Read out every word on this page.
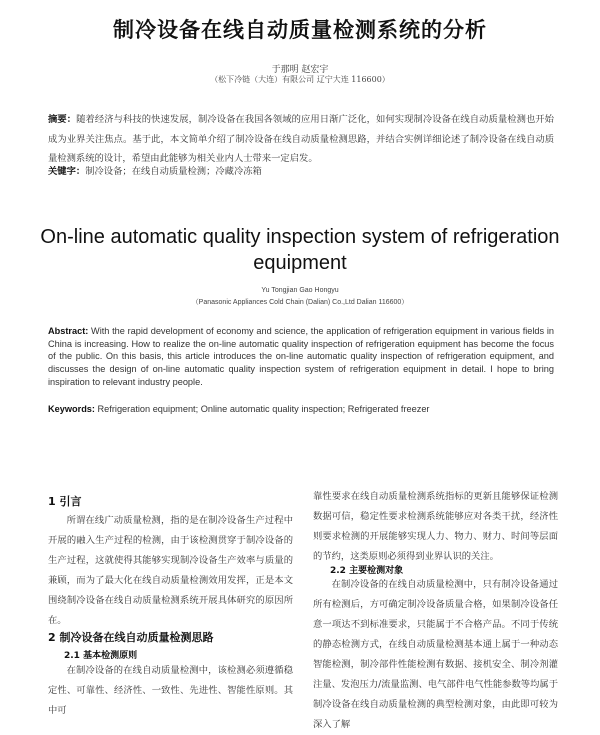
制冷设备在线自动质量检测系统的分析
于那明 赵宏宇
（松下冷链（大连）有限公司 辽宁大连 116600）
摘要：随着经济与科技的快速发展，制冷设备在我国各领域的应用日渐广泛化，如何实现制冷设备在线自动质量检测也开始成为业界关注焦点。基于此，本文简单介绍了制冷设备在线自动质量检测思路，并结合实例详细论述了制冷设备在线自动质量检测系统的设计，希望由此能够为相关业内人士带来一定启发。
关键字：制冷设备；在线自动质量检测；冷藏冷冻箱
On-line automatic quality inspection system of refrigeration equipment
Yu Tongjian Gao Hongyu
（Panasonic Appliances Cold Chain (Dalian) Co.,Ltd Dalian 116600）
Abstract: With the rapid development of economy and science, the application of refrigeration equipment in various fields in China is increasing. How to realize the on-line automatic quality inspection of refrigeration equipment has become the focus of the public. On this basis, this article introduces the on-line automatic quality inspection of refrigeration equipment, and discusses the design of on-line automatic quality inspection system of refrigeration equipment in detail. I hope to bring inspiration to relevant industry people.
Keywords: Refrigeration equipment; Online automatic quality inspection; Refrigerated freezer
1 引言

所谓在线广动质量检测，指的是在制冷设备生产过程中开展的融入生产过程的检测，由于该检测贯穿于制冷设备的生产过程，这就使得其能够实现制冷设备生产效率与质量的兼顾，而为了最大化在线自动质量检测效用发挥，正是本文围绕制冷设备在线自动质量检测系统开展具体研究的原因所在。

2 制冷设备在线自动质量检测思路
2.1 基本检测原则

在制冷设备的在线自动质量检测中，该检测必须遵循稳定性、可靠性、经济性、一致性、先进性、智能性原则。其中可

靠性要求在线自动质量检测系统指标的更新且能够保证检测数据可信，稳定性要求检测系统能够应对各类干扰，经济性则要求检测的开展能够实现人力、物力、财力、时间等层面的节约，这类原则必须得到业界认识的关注。

2.2 主要检测对象

在制冷设备的在线自动质量检测中，只有制冷设备通过所有检测后，方可确定制冷设备质量合格，如果制冷设备任意一项达不到标准要求，只能属于不合格产品。不同于传统的静态检测方式，在线自动质量检测基本通上属于一种动态智能检测，制冷部件性能检测有数据、接机安全、制冷剂灌注量、发泡压力/流量监测、电气部件电气性能参数等均属于制冷设备在线自动质量检测的典型检测对象，由此即可较为深入了解
